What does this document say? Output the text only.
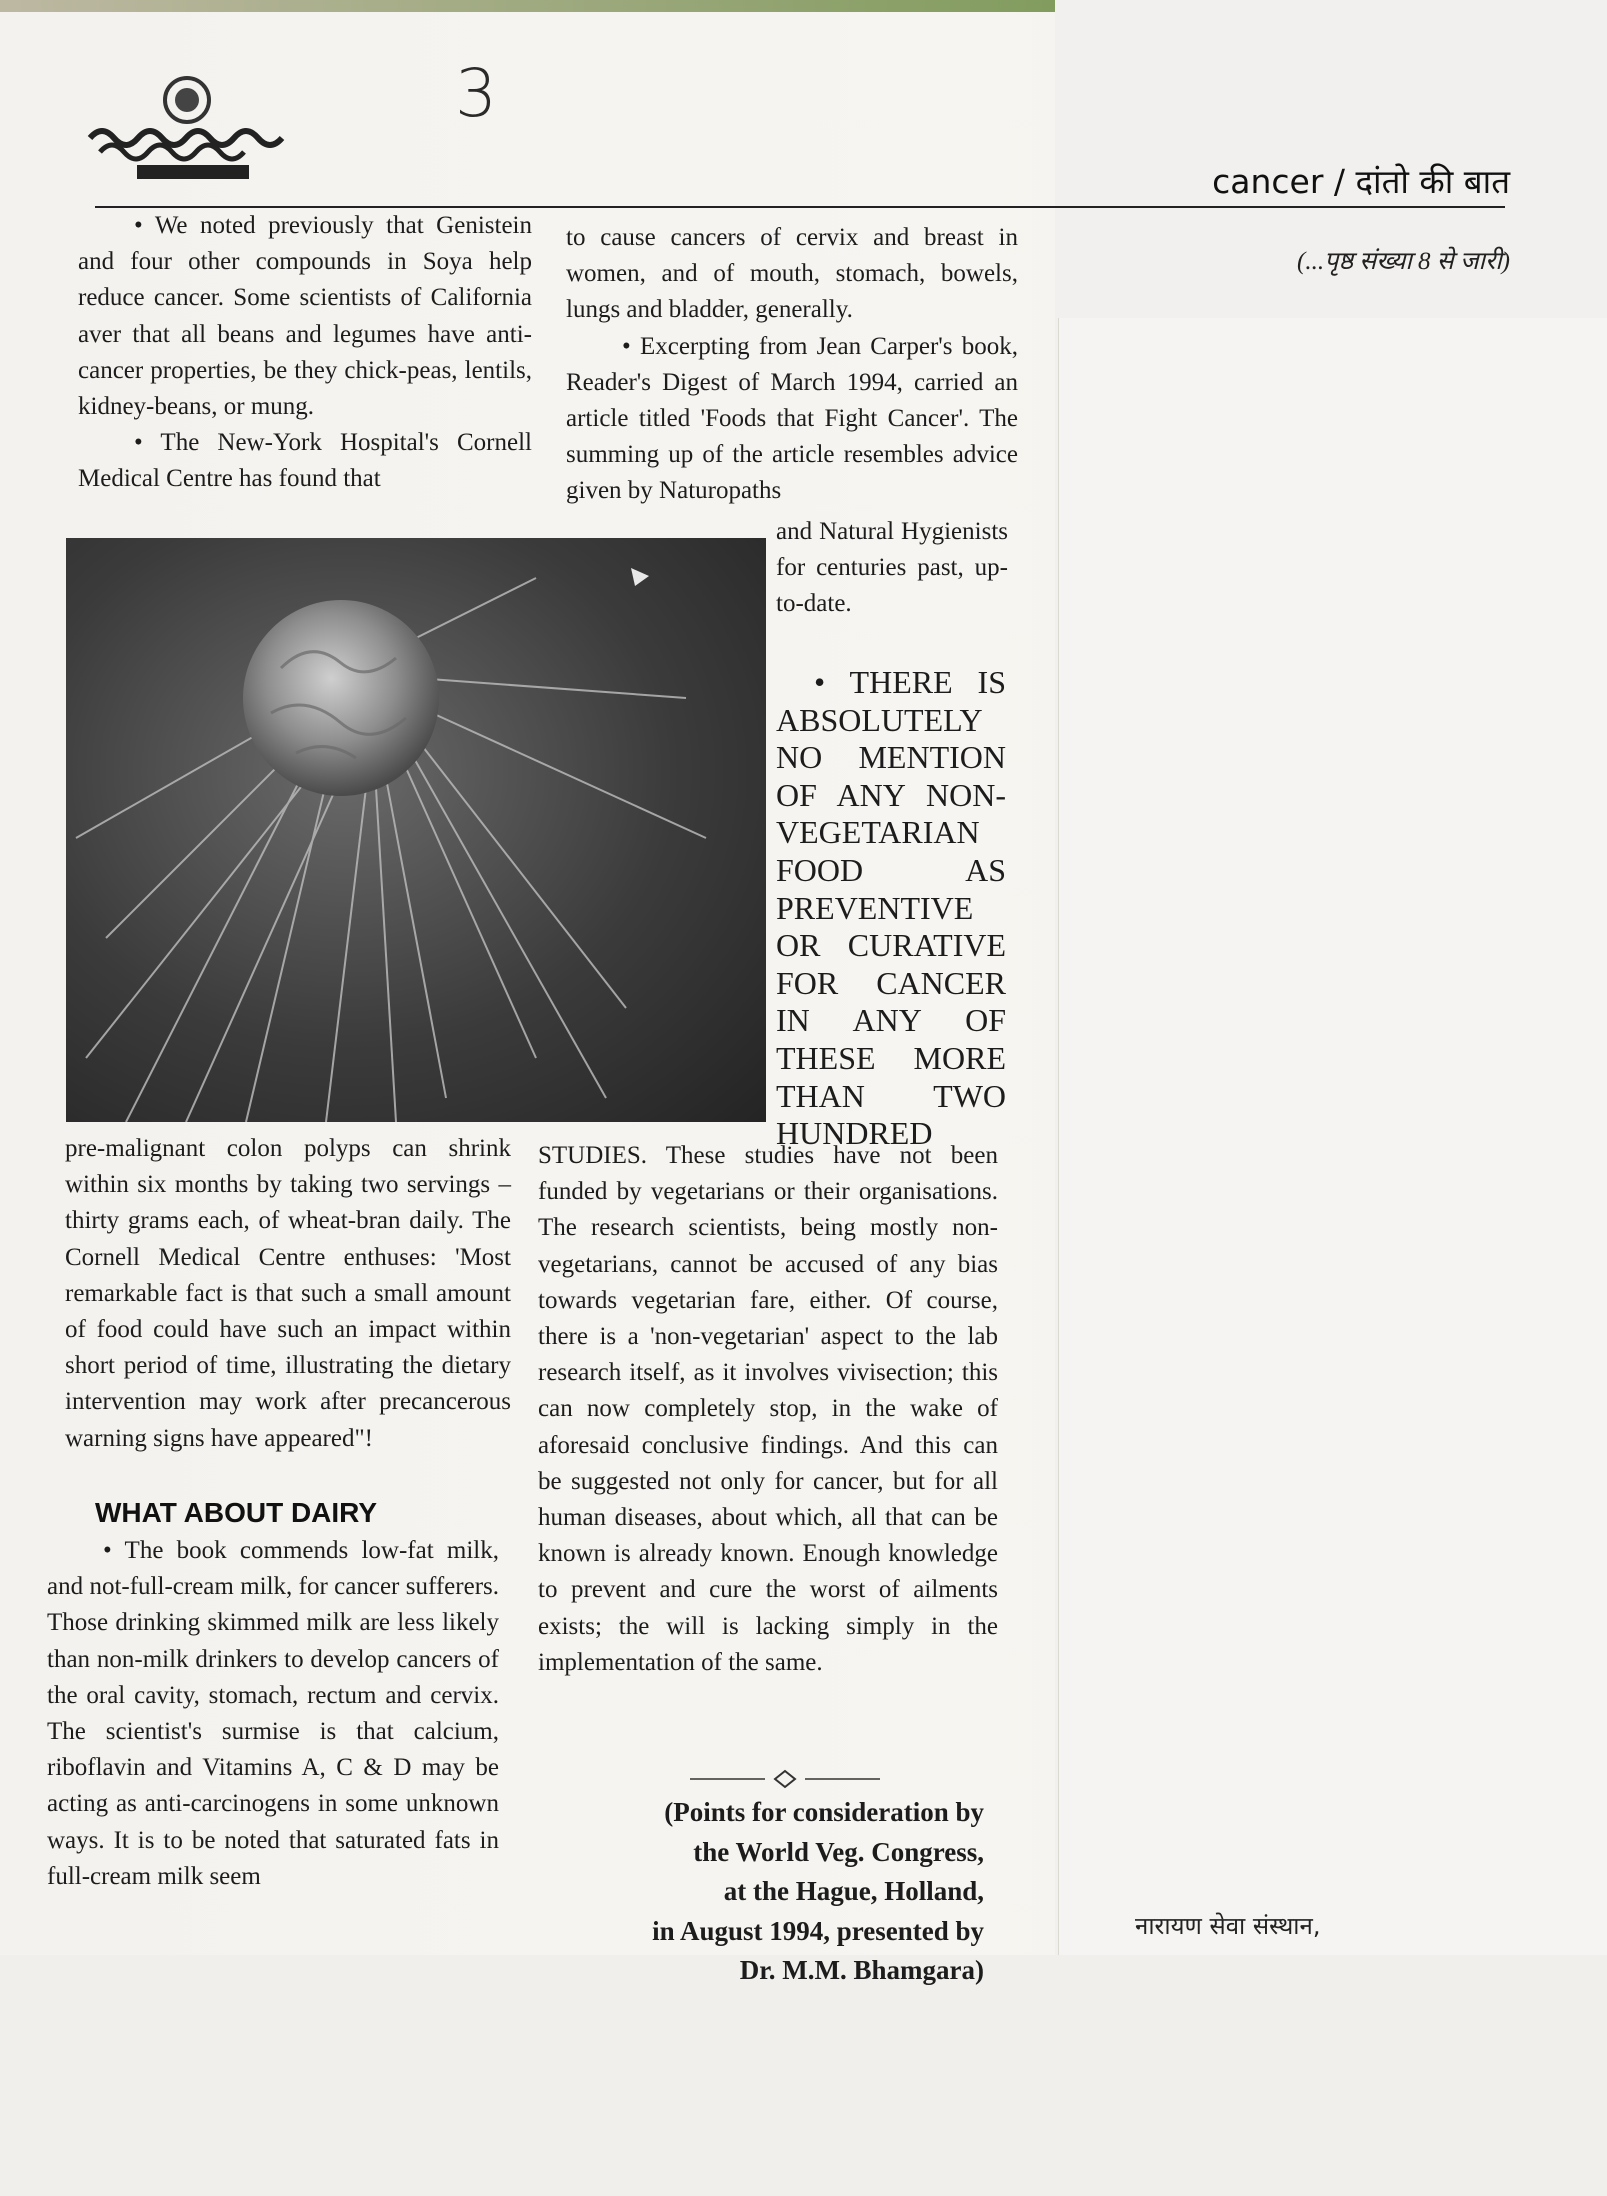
3
cancer / दांतो की बात
(...पृष्ठ संख्या 8 से जारी)

• We noted previously that Genistein and four other compounds in Soya help reduce cancer. Some scientists of California aver that all beans and legumes have anti-cancer properties, be they chick-peas, lentils, kidney-beans, or mung.

• The New-York Hospital's Cornell Medical Centre has found that

to cause cancers of cervix and breast in women, and of mouth, stomach, bowels, lungs and bladder, generally.

• Excerpting from Jean Carper's book, Reader's Digest of March 1994, carried an article titled 'Foods that Fight Cancer'. The summing up of the article resembles advice given by Naturopaths

and Natural Hygienists for centuries past, up-to-date.

• THERE IS ABSOLUTELY NO MENTION OF ANY NON-VEGETARIAN FOOD AS PREVENTIVE OR CURATIVE FOR CANCER IN ANY OF THESE MORE THAN TWO HUNDRED

pre-malignant colon polyps can shrink within six months by taking two servings – thirty grams each, of wheat-bran daily. The Cornell Medical Centre enthuses: 'Most remarkable fact is that such a small amount of food could have such an impact within short period of time, illustrating the dietary intervention may work after precancerous warning signs have appeared"!

WHAT ABOUT DAIRY

• The book commends low-fat milk, and not-full-cream milk, for cancer sufferers. Those drinking skimmed milk are less likely than non-milk drinkers to develop cancers of the oral cavity, stomach, rectum and cervix. The scientist's surmise is that calcium, riboflavin and Vitamins A, C & D may be acting as anti-carcinogens in some unknown ways. It is to be noted that saturated fats in full-cream milk seem

STUDIES. These studies have not been funded by vegetarians or their organisations. The research scientists, being mostly non-vegetarians, cannot be accused of any bias towards vegetarian fare, either. Of course, there is a 'non-vegetarian' aspect to the lab research itself, as it involves vivisection; this can now completely stop, in the wake of aforesaid conclusive findings. And this can be suggested not only for cancer, but for all human diseases, about which, all that can be known is already known. Enough knowledge to prevent and cure the worst of ailments exists; the will is lacking simply in the implementation of the same.

(Points for consideration by
the World Veg. Congress,
at the Hague, Holland,
in August 1994, presented by
Dr. M.M. Bhamgara)
नारायण सेवा संस्थान,
